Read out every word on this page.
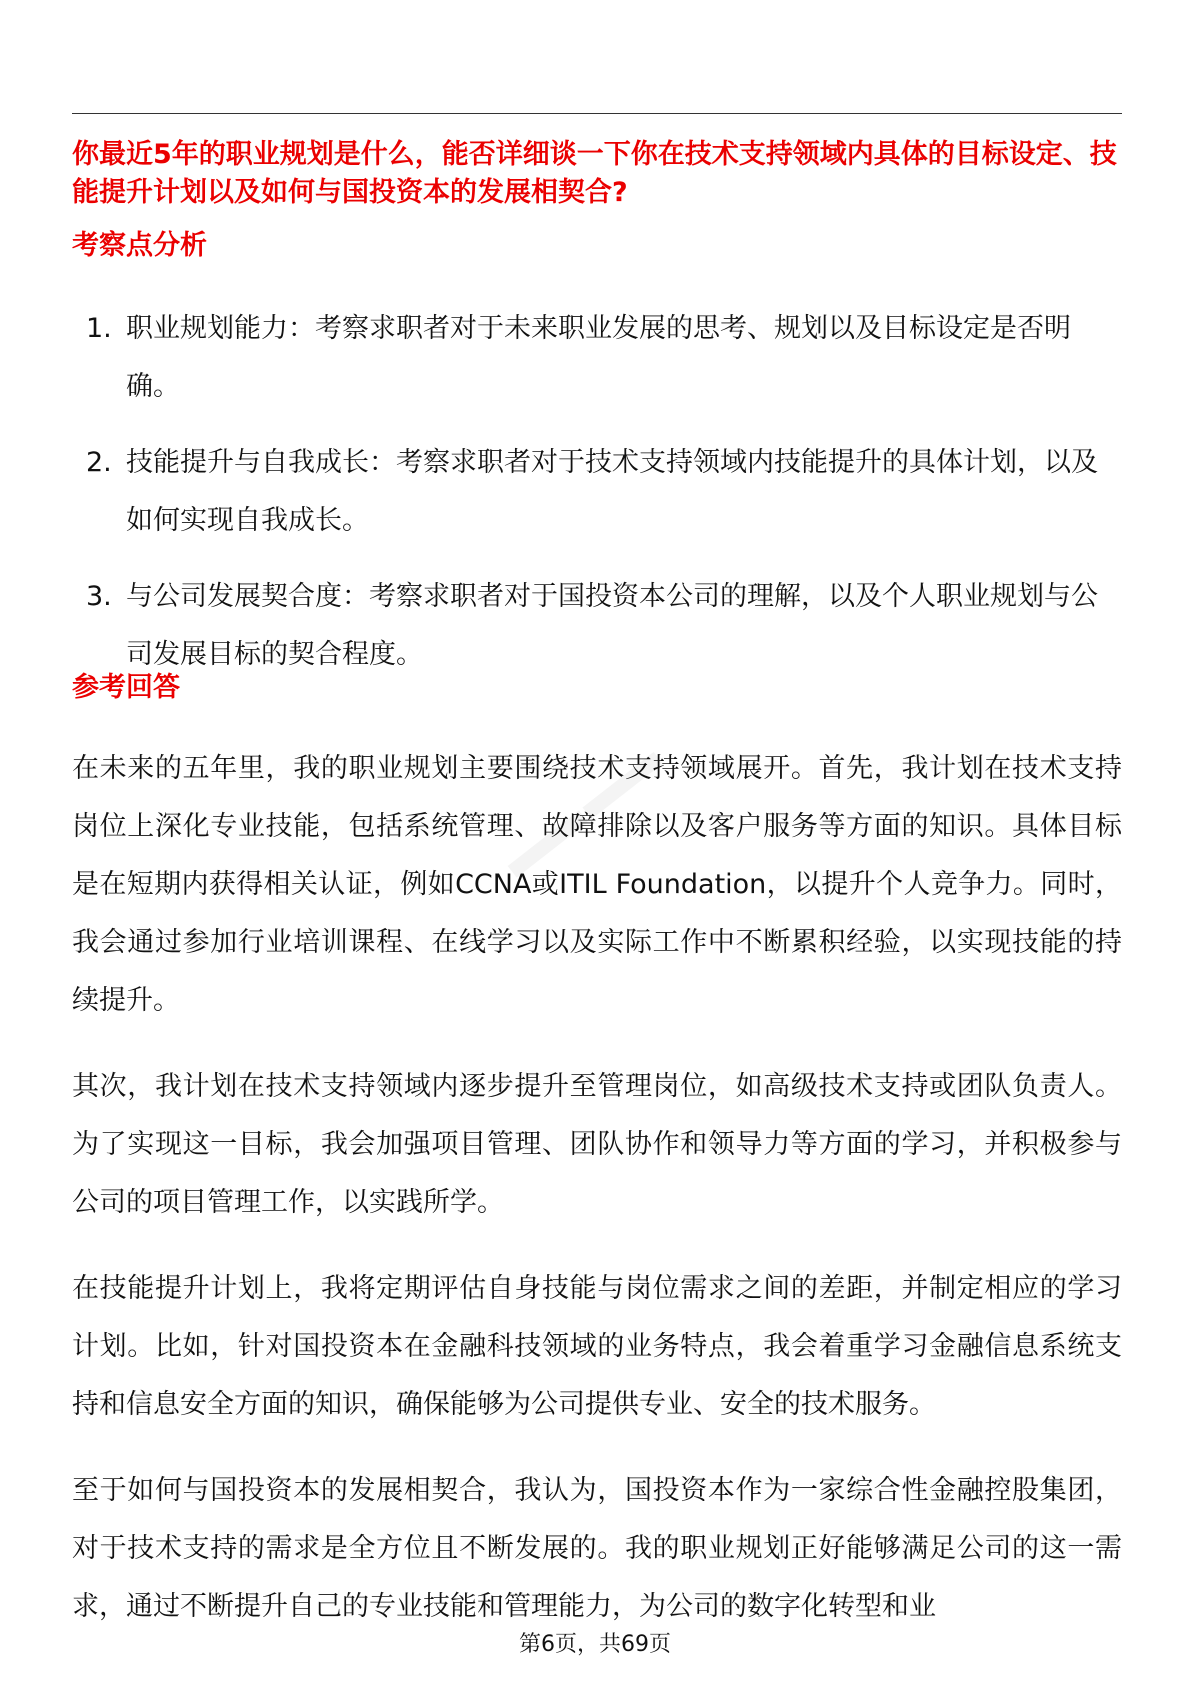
你最近5年的职业规划是什么，能否详细谈一下你在技术支持领域内具体的目标设定、技能提升计划以及如何与国投资本的发展相契合?

考察点分析
1. 职业规划能力：考察求职者对于未来职业发展的思考、规划以及目标设定是否明确。
2. 技能提升与自我成长：考察求职者对于技术支持领域内技能提升的具体计划，以及如何实现自我成长。
3. 与公司发展契合度：考察求职者对于国投资本公司的理解，以及个人职业规划与公司发展目标的契合程度。
参考回答

在未来的五年里，我的职业规划主要围绕技术支持领域展开。首先，我计划在技术支持岗位上深化专业技能，包括系统管理、故障排除以及客户服务等方面的知识。具体目标是在短期内获得相关认证，例如CCNA或ITIL Foundation，以提升个人竞争力。同时，我会通过参加行业培训课程、在线学习以及实际工作中不断累积经验，以实现技能的持续提升。

其次，我计划在技术支持领域内逐步提升至管理岗位，如高级技术支持或团队负责人。为了实现这一目标，我会加强项目管理、团队协作和领导力等方面的学习，并积极参与公司的项目管理工作，以实践所学。

在技能提升计划上，我将定期评估自身技能与岗位需求之间的差距，并制定相应的学习计划。比如，针对国投资本在金融科技领域的业务特点，我会着重学习金融信息系统支持和信息安全方面的知识，确保能够为公司提供专业、安全的技术服务。

至于如何与国投资本的发展相契合，我认为，国投资本作为一家综合性金融控股集团，对于技术支持的需求是全方位且不断发展的。我的职业规划正好能够满足公司的这一需求，通过不断提升自己的专业技能和管理能力，为公司的数字化转型和业

第6页，共69页
